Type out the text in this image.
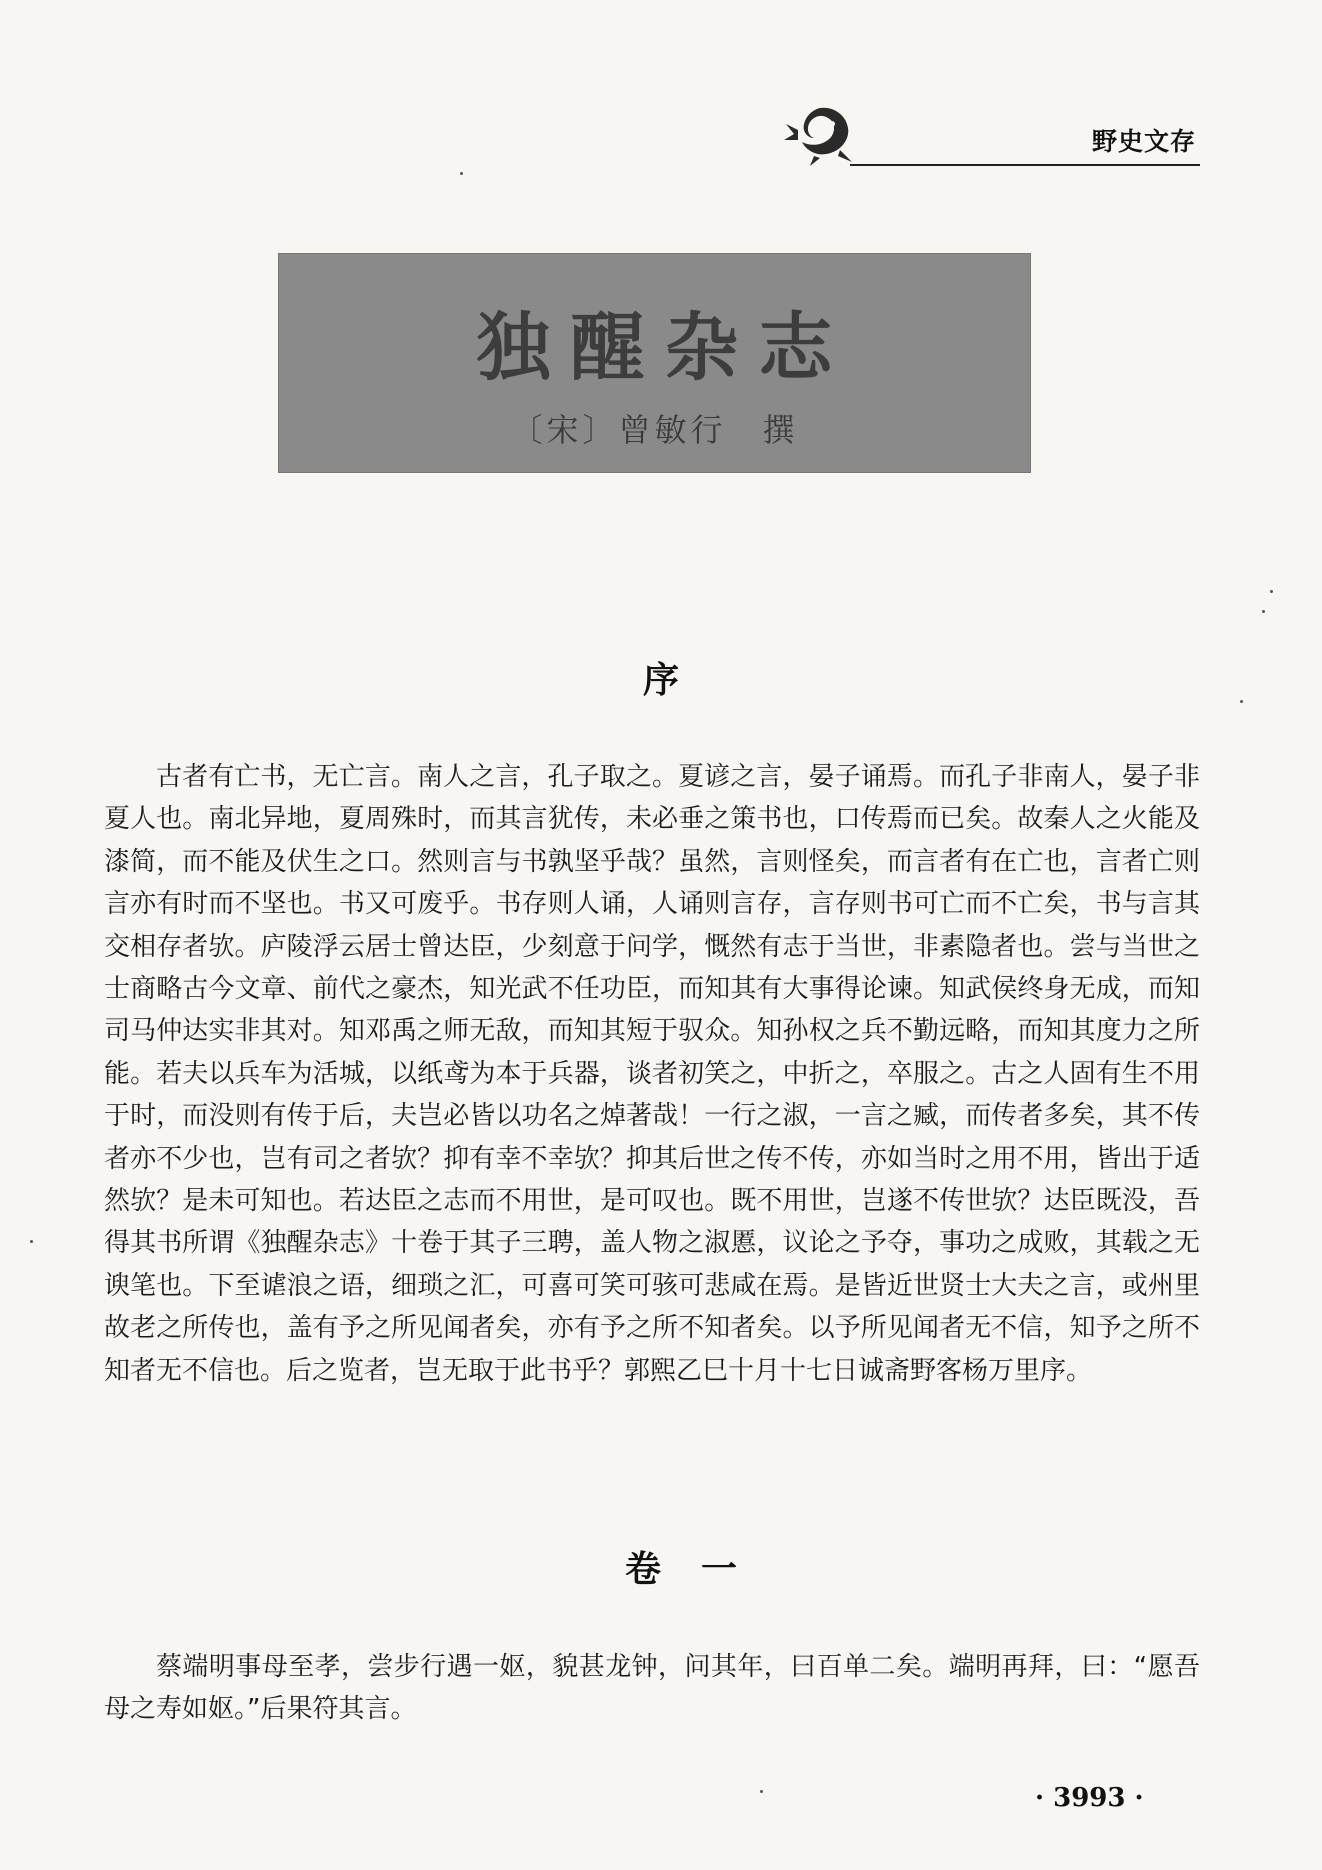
野史文存
独醒杂志
〔宋〕曾敏行　撰
序

古者有亡书，无亡言。南人之言，孔子取之。夏谚之言，晏子诵焉。而孔子非南人，晏子非夏人也。南北异地，夏周殊时，而其言犹传，未必垂之策书也，口传焉而已矣。故秦人之火能及漆简，而不能及伏生之口。然则言与书孰坚乎哉？虽然，言则怪矣，而言者有在亡也，言者亡则言亦有时而不坚也。书又可废乎。书存则人诵，人诵则言存，言存则书可亡而不亡矣，书与言其交相存者欤。庐陵浮云居士曾达臣，少刻意于问学，慨然有志于当世，非素隐者也。尝与当世之士商略古今文章、前代之豪杰，知光武不任功臣，而知其有大事得论谏。知武侯终身无成，而知司马仲达实非其对。知邓禹之师无敌，而知其短于驭众。知孙权之兵不勤远略，而知其度力之所能。若夫以兵车为活城，以纸鸢为本于兵器，谈者初笑之，中折之，卒服之。古之人固有生不用于时，而没则有传于后，夫岂必皆以功名之焯著哉！一行之淑，一言之臧，而传者多矣，其不传者亦不少也，岂有司之者欤？抑有幸不幸欤？抑其后世之传不传，亦如当时之用不用，皆出于适然欤？是未可知也。若达臣之志而不用世，是可叹也。既不用世，岂遂不传世欤？达臣既没，吾得其书所谓《独醒杂志》十卷于其子三聘，盖人物之淑慝，议论之予夺，事功之成败，其载之无谀笔也。下至谑浪之语，细琐之汇，可喜可笑可骇可悲咸在焉。是皆近世贤士大夫之言，或州里故老之所传也，盖有予之所见闻者矣，亦有予之所不知者矣。以予所见闻者无不信，知予之所不知者无不信也。后之览者，岂无取于此书乎？郭熙乙巳十月十七日诚斋野客杨万里序。

卷一

蔡端明事母至孝，尝步行遇一妪，貌甚龙钟，问其年，曰百单二矣。端明再拜，曰：“愿吾母之寿如妪。”后果符其言。

· 3993 ·
